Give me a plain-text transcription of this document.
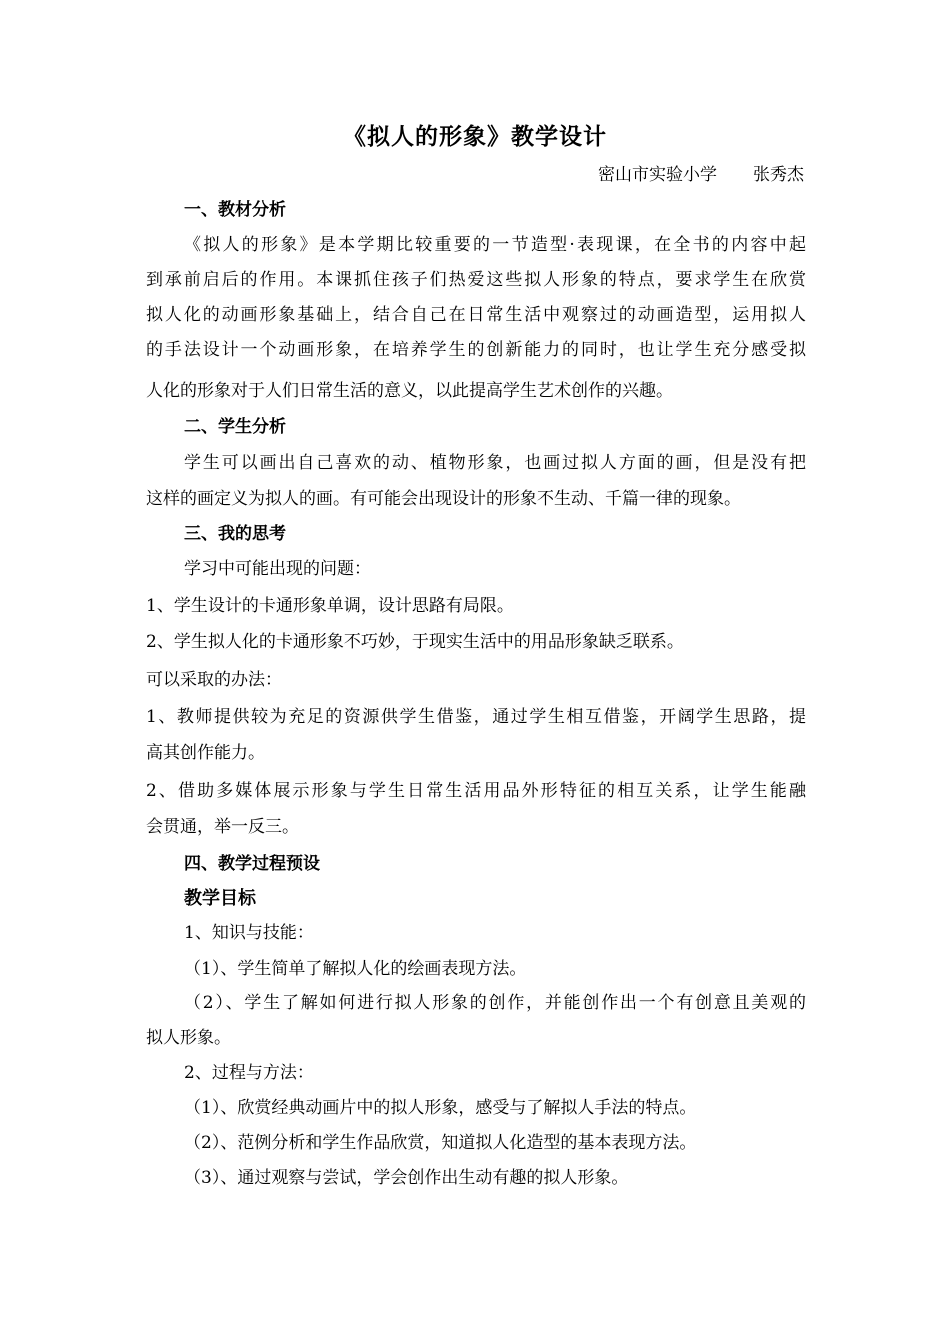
《拟人的形象》教学设计
密山市实验小学 张秀杰
一、教材分析
《拟人的形象》是本学期比较重要的一节造型·表现课，在全书的内容中起
到承前启后的作用。本课抓住孩子们热爱这些拟人形象的特点，要求学生在欣赏
拟人化的动画形象基础上，结合自己在日常生活中观察过的动画造型，运用拟人
的手法设计一个动画形象，在培养学生的创新能力的同时，也让学生充分感受拟
人化的形象对于人们日常生活的意义，以此提高学生艺术创作的兴趣。
二、学生分析
学生可以画出自己喜欢的动、植物形象，也画过拟人方面的画，但是没有把
这样的画定义为拟人的画。有可能会出现设计的形象不生动、千篇一律的现象。
三、我的思考
学习中可能出现的问题：
1、学生设计的卡通形象单调，设计思路有局限。
2、学生拟人化的卡通形象不巧妙，于现实生活中的用品形象缺乏联系。
可以采取的办法：
1、教师提供较为充足的资源供学生借鉴，通过学生相互借鉴，开阔学生思路，提
高其创作能力。
2、借助多媒体展示形象与学生日常生活用品外形特征的相互关系，让学生能融
会贯通，举一反三。
四、教学过程预设
教学目标
1、知识与技能：
（1）、学生简单了解拟人化的绘画表现方法。
（2）、学生了解如何进行拟人形象的创作，并能创作出一个有创意且美观的
拟人形象。
2、过程与方法：
（1）、欣赏经典动画片中的拟人形象，感受与了解拟人手法的特点。
（2）、范例分析和学生作品欣赏，知道拟人化造型的基本表现方法。
（3）、通过观察与尝试，学会创作出生动有趣的拟人形象。
